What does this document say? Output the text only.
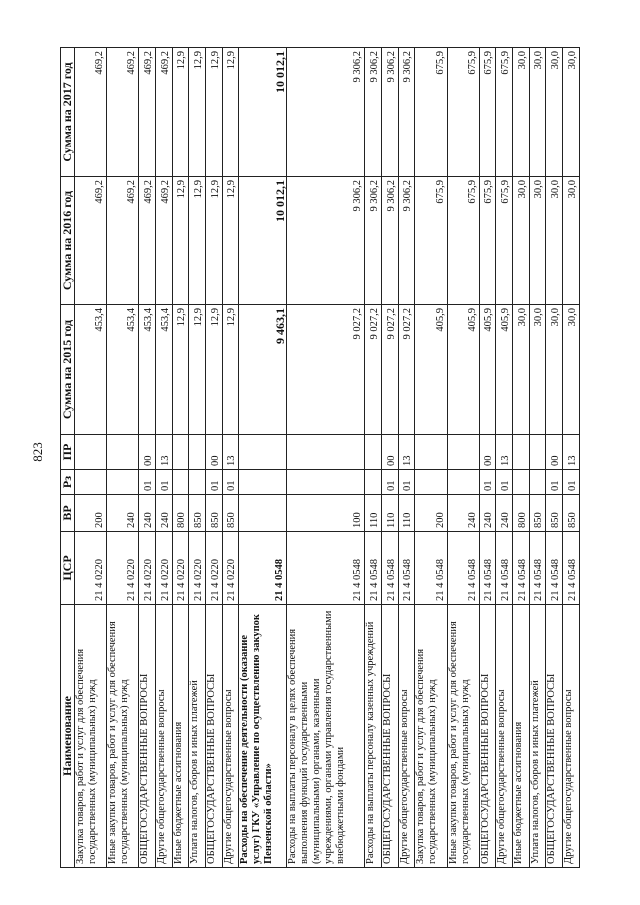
823
Наименование	ЦСР	ВР	Рз	ПР	Сумма на 2015 год	Сумма на 2016 год	Сумма на 2017 год
Закупка товаров, работ и услуг для обеспечения государственных (муниципальных) нужд	21 4 0220	200			453,4	469,2	469,2
Иные закупки товаров, работ и услуг для обеспечения государственных (муниципальных) нужд	21 4 0220	240			453,4	469,2	469,2
ОБЩЕГОСУДАРСТВЕННЫЕ ВОПРОСЫ	21 4 0220	240	01	00	453,4	469,2	469,2
Другие общегосударственные вопросы	21 4 0220	240	01	13	453,4	469,2	469,2
Иные бюджетные ассигнования	21 4 0220	800			12,9	12,9	12,9
Уплата налогов, сборов и иных платежей	21 4 0220	850			12,9	12,9	12,9
ОБЩЕГОСУДАРСТВЕННЫЕ ВОПРОСЫ	21 4 0220	850	01	00	12,9	12,9	12,9
Другие общегосударственные вопросы	21 4 0220	850	01	13	12,9	12,9	12,9
Расходы на обеспечение деятельности (оказание услуг) ГКУ «Управление по осуществлению закупок Пензенской области»	21 4 0548				9 463,1	10 012,1	10 012,1
Расходы на выплаты персоналу в целях обеспечения выполнения функций государственными (муниципальными) органами, казенными учреждениями, органами управления государственными внебюджетными фондами	21 4 0548	100			9 027,2	9 306,2	9 306,2
Расходы на выплаты персоналу казенных учреждений	21 4 0548	110			9 027,2	9 306,2	9 306,2
ОБЩЕГОСУДАРСТВЕННЫЕ ВОПРОСЫ	21 4 0548	110	01	00	9 027,2	9 306,2	9 306,2
Другие общегосударственные вопросы	21 4 0548	110	01	13	9 027,2	9 306,2	9 306,2
Закупка товаров, работ и услуг для обеспечения государственных (муниципальных) нужд	21 4 0548	200			405,9	675,9	675,9
Иные закупки товаров, работ и услуг для обеспечения государственных (муниципальных) нужд	21 4 0548	240			405,9	675,9	675,9
ОБЩЕГОСУДАРСТВЕННЫЕ ВОПРОСЫ	21 4 0548	240	01	00	405,9	675,9	675,9
Другие общегосударственные вопросы	21 4 0548	240	01	13	405,9	675,9	675,9
Иные бюджетные ассигнования	21 4 0548	800			30,0	30,0	30,0
Уплата налогов, сборов и иных платежей	21 4 0548	850			30,0	30,0	30,0
ОБЩЕГОСУДАРСТВЕННЫЕ ВОПРОСЫ	21 4 0548	850	01	00	30,0	30,0	30,0
Другие общегосударственные вопросы	21 4 0548	850	01	13	30,0	30,0	30,0
